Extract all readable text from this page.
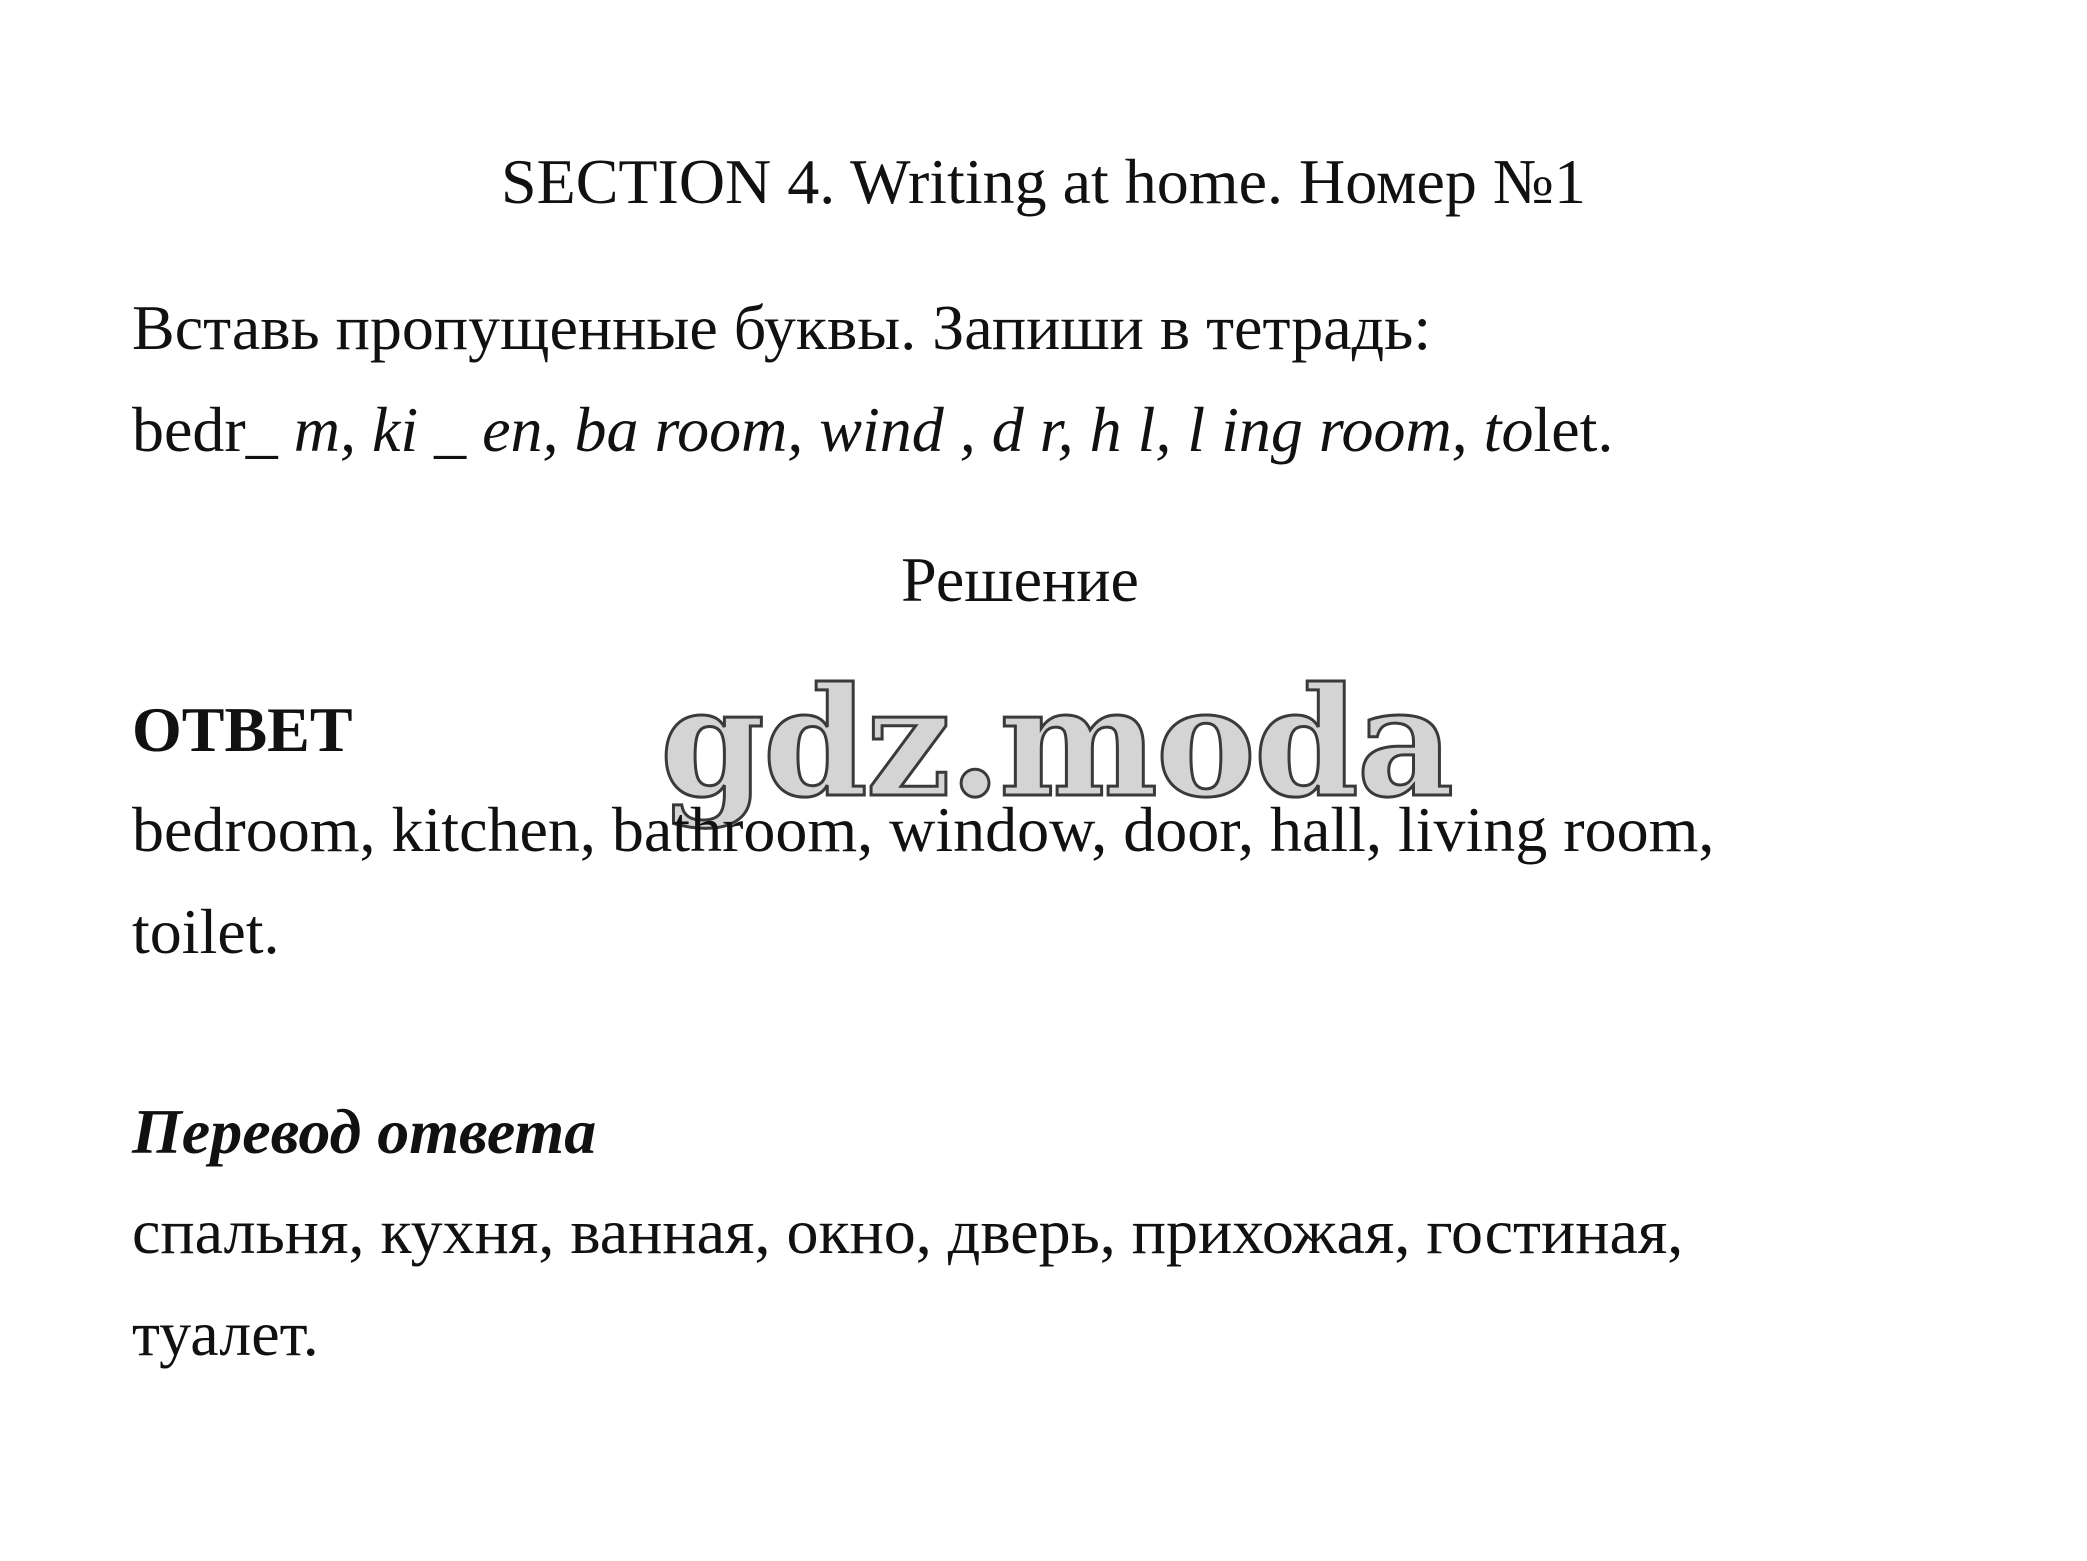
SECTION 4. Writing at home. Номер №1
Вставь пропущенные буквы. Запиши в тетрадь:
bedr_ m, ki _ en, ba room, wind , d r, h l, l ing room, tolet.
Решение
ОТВЕТ gdz.moda
bedroom, kitchen, bathroom, window, door, hall, living room,
toilet.
Перевод ответа
спальня, кухня, ванная, окно, дверь, прихожая, гостиная,
туалет.
